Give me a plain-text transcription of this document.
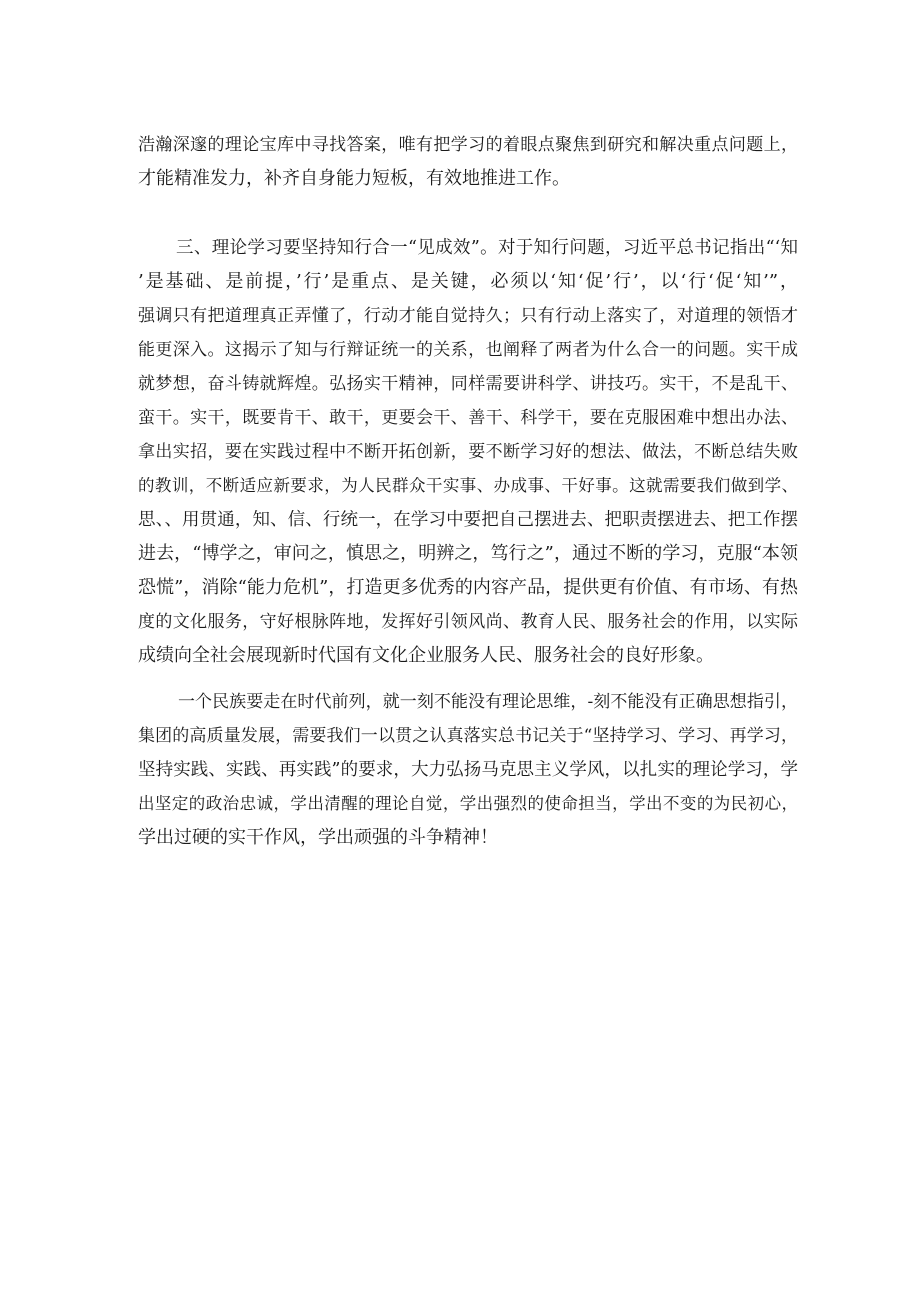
浩瀚深邃的理论宝库中寻找答案，唯有把学习的着眼点聚焦到研究和解决重点问题上，
才能精准发力，补齐自身能力短板，有效地推进工作。
三、理论学习要坚持知行合一“见成效”。对于知行问题，习近平总书记指出“‘知
’是基础、是前提，’行’是重点、是关键，必须以‘知‘促’行’，以‘行‘促‘知’”，
强调只有把道理真正弄懂了，行动才能自觉持久；只有行动上落实了，对道理的领悟才
能更深入。这揭示了知与行辩证统一的关系，也阐释了两者为什么合一的问题。实干成
就梦想，奋斗铸就辉煌。弘扬实干精神，同样需要讲科学、讲技巧。实干，不是乱干、
蛮干。实干，既要肯干、敢干，更要会干、善干、科学干，要在克服困难中想出办法、
拿出实招，要在实践过程中不断开拓创新，要不断学习好的想法、做法，不断总结失败
的教训，不断适应新要求，为人民群众干实事、办成事、干好事。这就需要我们做到学、
思、、用贯通，知、信、行统一，在学习中要把自己摆进去、把职责摆进去、把工作摆
进去，“博学之，审问之，慎思之，明辨之，笃行之”，通过不断的学习，克服“本领
恐慌”，消除“能力危机”，打造更多优秀的内容产品，提供更有价值、有市场、有热
度的文化服务，守好根脉阵地，发挥好引领风尚、教育人民、服务社会的作用，以实际
成绩向全社会展现新时代国有文化企业服务人民、服务社会的良好形象。
一个民族要走在时代前列，就一刻不能没有理论思维，-刻不能没有正确思想指引，
集团的高质量发展，需要我们一以贯之认真落实总书记关于“坚持学习、学习、再学习，
坚持实践、实践、再实践”的要求，大力弘扬马克思主义学风，以扎实的理论学习，学
出坚定的政治忠诚，学出清醒的理论自觉，学出强烈的使命担当，学出不变的为民初心，
学出过硬的实干作风，学出顽强的斗争精神！
